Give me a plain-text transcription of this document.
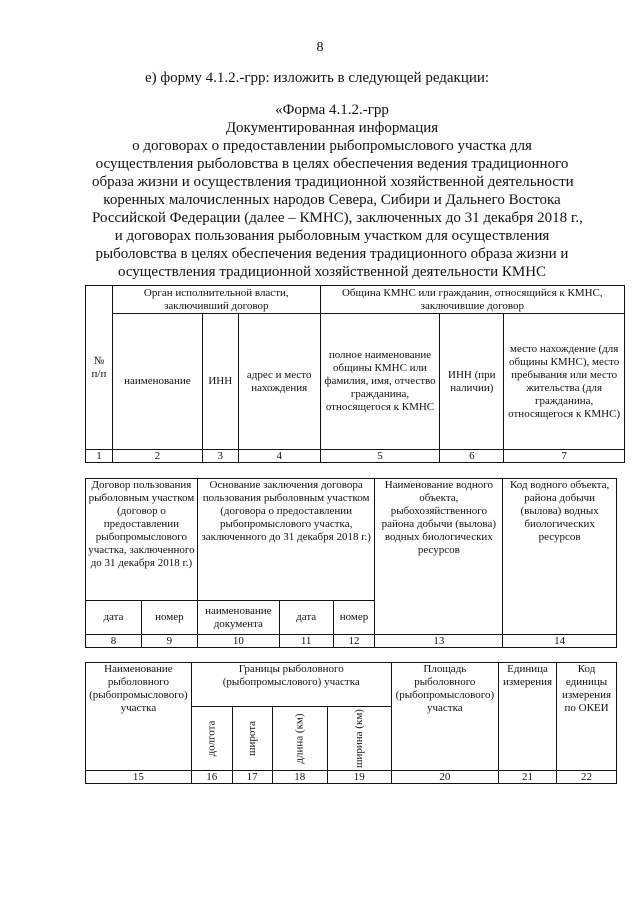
8
е) форму 4.1.2.-грр: изложить в следующей редакции:
«Форма 4.1.2.-грр
Документированная информация
о договорах о предоставлении рыбопромыслового участка для
осуществления рыболовства в целях обеспечения ведения традиционного
образа жизни и осуществления традиционной хозяйственной деятельности
коренных малочисленных народов Севера, Сибири и Дальнего Востока
Российской Федерации (далее – КМНС), заключенных до 31 декабря 2018 г.,
и договорах пользования рыболовным участком для осуществления
рыболовства в целях обеспечения ведения традиционного образа жизни и
осуществления традиционной хозяйственной деятельности КМНС
№ п/п	Орган исполнительной власти, заключивший договор			Община КМНС или гражданин, относящийся к КМНС, заключившие договор		
	наименование	ИНН	адрес и место нахождения	полное наименование общины КМНС или фамилия, имя, отчество гражданина, относящегося к КМНС	ИНН (при наличии)	место нахождение (для общины КМНС), место пребывания или место жительства (для гражданина, относящегося к КМНС)
1	2	3	4	5	6	7
Договор пользования рыболовным участком (договор о предоставлении рыбопромыслового участка, заключенного до 31 декабря 2018 г.)		Основание заключения договора пользования рыболовным участком (договора о предоставлении рыбопромыслового участка, заключенного до 31 декабря 2018 г.)			Наименование водного объекта, рыбохозяйственного района добычи (вылова) водных биологических ресурсов	Код водного объекта, района добычи (вылова) водных биологических ресурсов
дата	номер	наименование документа	дата	номер		
8	9	10	11	12	13	14
Наименование рыболовного (рыбопромыслового) участка	Границы рыболовного (рыбопромыслового) участка				Площадь рыболовного (рыбопромыслового) участка	Единица измерения	Код единицы измерения по ОКЕИ
	долгота	широта	длина (км)	ширина (км)			
15	16	17	18	19	20	21	22
